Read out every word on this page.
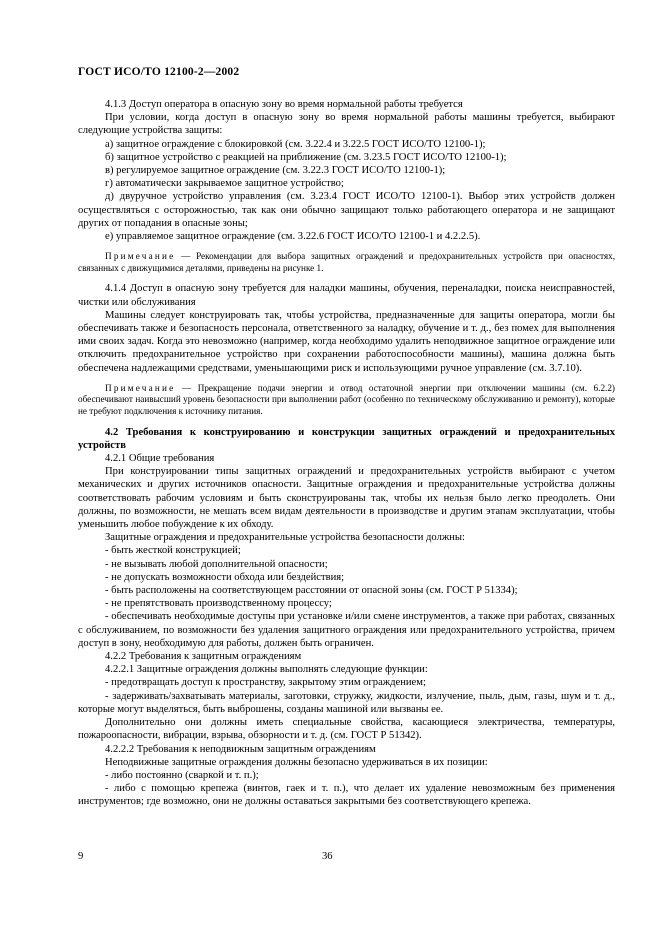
ГОСТ ИСО/ТО 12100-2—2002

4.1.3 Доступ оператора в опасную зону во время нормальной работы требуется

При условии, когда доступ в опасную зону во время нормальной работы машины требуется, выбирают следующие устройства защиты:

а) защитное ограждение с блокировкой (см. 3.22.4 и 3.22.5 ГОСТ ИСО/ТО 12100-1);

б) защитное устройство с реакцией на приближение (см. 3.23.5 ГОСТ ИСО/ТО 12100-1);

в) регулируемое защитное ограждение (см. 3.22.3 ГОСТ ИСО/ТО 12100-1);

г) автоматически закрываемое защитное устройство;

д) двуручное устройство управления (см. 3.23.4 ГОСТ ИСО/ТО 12100-1). Выбор этих устройств должен осуществляться с осторожностью, так как они обычно защищают только работающего оператора и не защищают других от попадания в опасные зоны;

е) управляемое защитное ограждение (см. 3.22.6 ГОСТ ИСО/ТО 12100-1 и 4.2.2.5).

Примечание — Рекомендации для выбора защитных ограждений и предохранительных устройств при опасностях, связанных с движущимися деталями, приведены на рисунке 1.

4.1.4 Доступ в опасную зону требуется для наладки машины, обучения, переналадки, поиска неисправностей, чистки или обслуживания

Машины следует конструировать так, чтобы устройства, предназначенные для защиты оператора, могли бы обеспечивать также и безопасность персонала, ответственного за наладку, обучение и т. д., без помех для выполнения ими своих задач. Когда это невозможно (например, когда необходимо удалить неподвижное защитное ограждение или отключить предохранительное устройство при сохранении работоспособности машины), машина должна быть обеспечена надлежащими средствами, уменьшающими риск и использующими ручное управление (см. 3.7.10).

Примечание — Прекращение подачи энергии и отвод остаточной энергии при отключении машины (см. 6.2.2) обеспечивают наивысший уровень безопасности при выполнении работ (особенно по техническому обслуживанию и ремонту), которые не требуют подключения к источнику питания.

4.2 Требования к конструированию и конструкции защитных ограждений и предохранительных устройств

4.2.1 Общие требования

При конструировании типы защитных ограждений и предохранительных устройств выбирают с учетом механических и других источников опасности. Защитные ограждения и предохранительные устройства должны соответствовать рабочим условиям и быть сконструированы так, чтобы их нельзя было легко преодолеть. Они должны, по возможности, не мешать всем видам деятельности в производстве и другим этапам эксплуатации, чтобы уменьшить любое побуждение к их обходу.

Защитные ограждения и предохранительные устройства безопасности должны:

- быть жесткой конструкцией;

- не вызывать любой дополнительной опасности;

- не допускать возможности обхода или бездействия;

- быть расположены на соответствующем расстоянии от опасной зоны (см. ГОСТ Р 51334);

- не препятствовать производственному процессу;

- обеспечивать необходимые доступы при установке и/или смене инструментов, а также при работах, связанных с обслуживанием, по возможности без удаления защитного ограждения или предохранительного устройства, причем доступ в зону, необходимую для работы, должен быть ограничен.

4.2.2 Требования к защитным ограждениям

4.2.2.1 Защитные ограждения должны выполнять следующие функции:

- предотвращать доступ к пространству, закрытому этим ограждением;

- задерживать/захватывать материалы, заготовки, стружку, жидкости, излучение, пыль, дым, газы, шум и т. д., которые могут выделяться, быть выброшены, созданы машиной или вызваны ее.

Дополнительно они должны иметь специальные свойства, касающиеся электричества, температуры, пожароопасности, вибрации, взрыва, обзорности и т. д. (см. ГОСТ Р 51342).

4.2.2.2 Требования к неподвижным защитным ограждениям

Неподвижные защитные ограждения должны безопасно удерживаться в их позиции:

- либо постоянно (сваркой и т. п.);

- либо с помощью крепежа (винтов, гаек и т. п.), что делает их удаление невозможным без применения инструментов; где возможно, они не должны оставаться закрытыми без соответствующего крепежа.

9	36
